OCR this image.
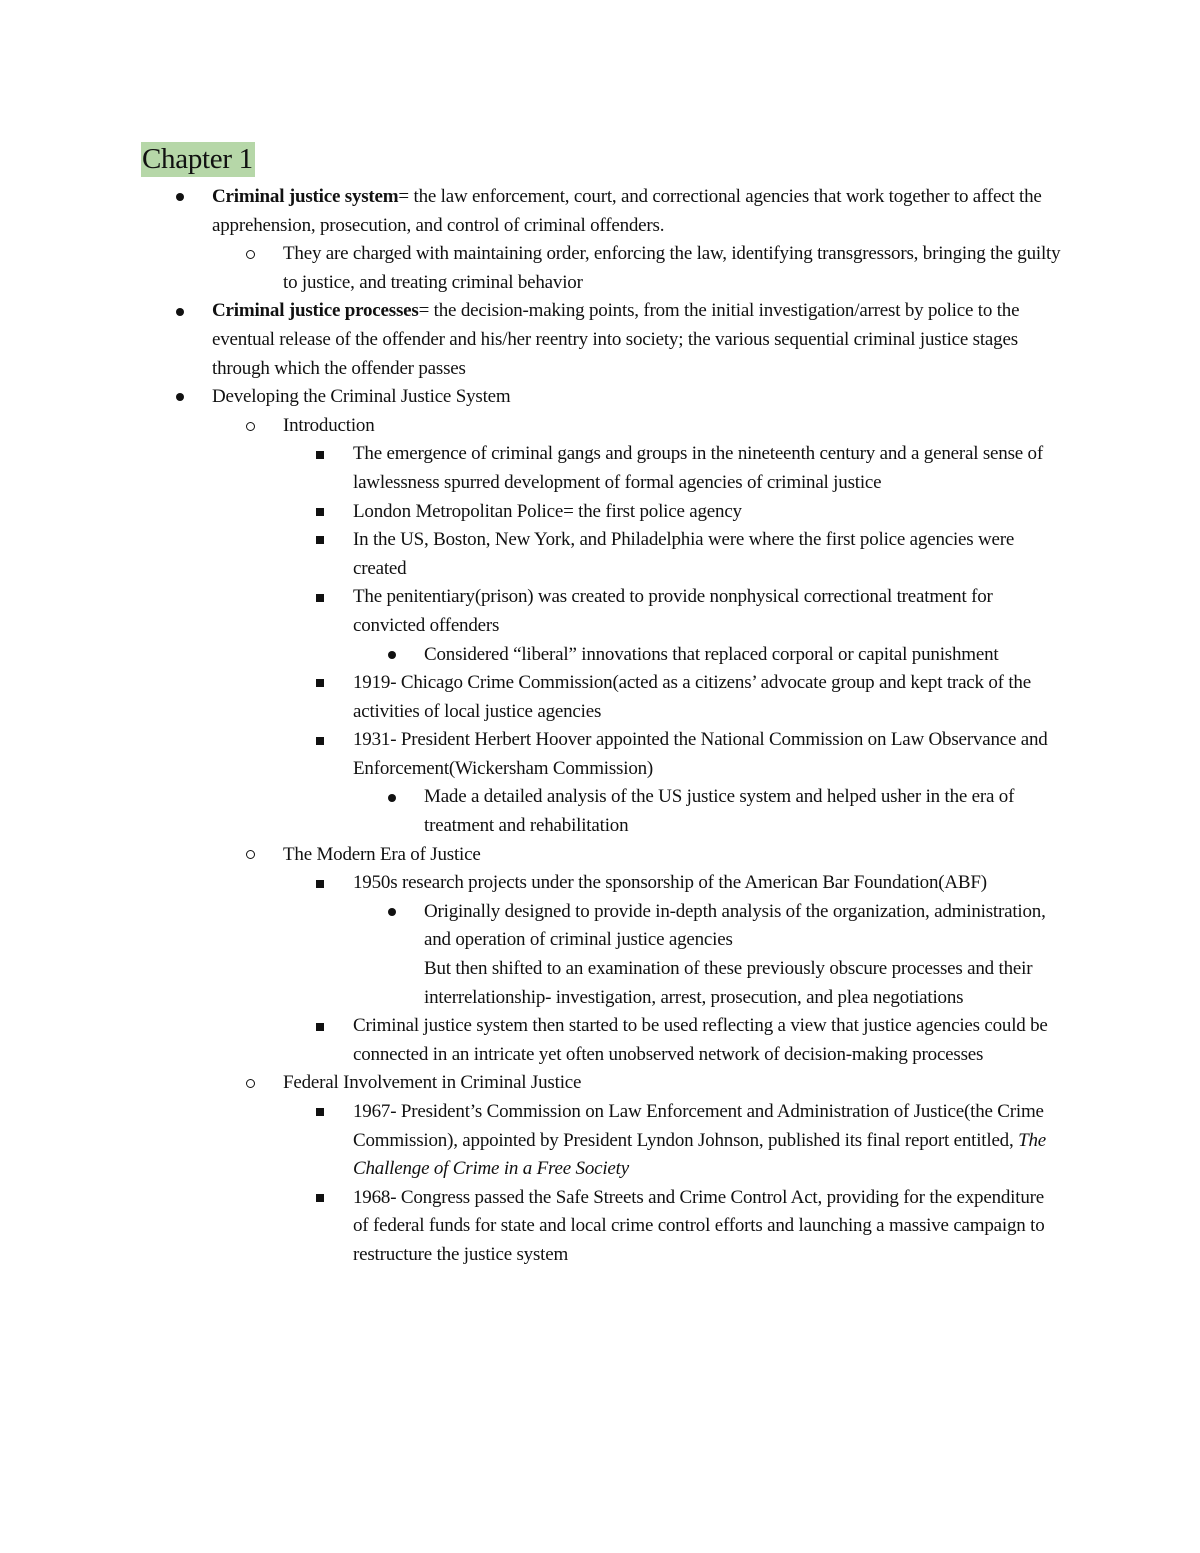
Chapter 1
Criminal justice system= the law enforcement, court, and correctional agencies that work together to affect the apprehension, prosecution, and control of criminal offenders.
They are charged with maintaining order, enforcing the law, identifying transgressors, bringing the guilty to justice, and treating criminal behavior
Criminal justice processes= the decision-making points, from the initial investigation/arrest by police to the eventual release of the offender and his/her reentry into society; the various sequential criminal justice stages through which the offender passes
Developing the Criminal Justice System
Introduction
The emergence of criminal gangs and groups in the nineteenth century and a general sense of lawlessness spurred development of formal agencies of criminal justice
London Metropolitan Police= the first police agency
In the US, Boston, New York, and Philadelphia were where the first police agencies were created
The penitentiary(prison) was created to provide nonphysical correctional treatment for convicted offenders
Considered “liberal” innovations that replaced corporal or capital punishment
1919- Chicago Crime Commission(acted as a citizens’ advocate group and kept track of the activities of local justice agencies
1931- President Herbert Hoover appointed the National Commission on Law Observance and Enforcement(Wickersham Commission)
Made a detailed analysis of the US justice system and helped usher in the era of treatment and rehabilitation
The Modern Era of Justice
1950s research projects under the sponsorship of the American Bar Foundation(ABF)
Originally designed to provide in-depth analysis of the organization, administration, and operation of criminal justice agencies
But then shifted to an examination of these previously obscure processes and their interrelationship- investigation, arrest, prosecution, and plea negotiations
Criminal justice system then started to be used reflecting a view that justice agencies could be connected in an intricate yet often unobserved network of decision-making processes
Federal Involvement in Criminal Justice
1967- President’s Commission on Law Enforcement and Administration of Justice(the Crime Commission), appointed by President Lyndon Johnson, published its final report entitled, The Challenge of Crime in a Free Society
1968- Congress passed the Safe Streets and Crime Control Act, providing for the expenditure of federal funds for state and local crime control efforts and launching a massive campaign to restructure the justice system
